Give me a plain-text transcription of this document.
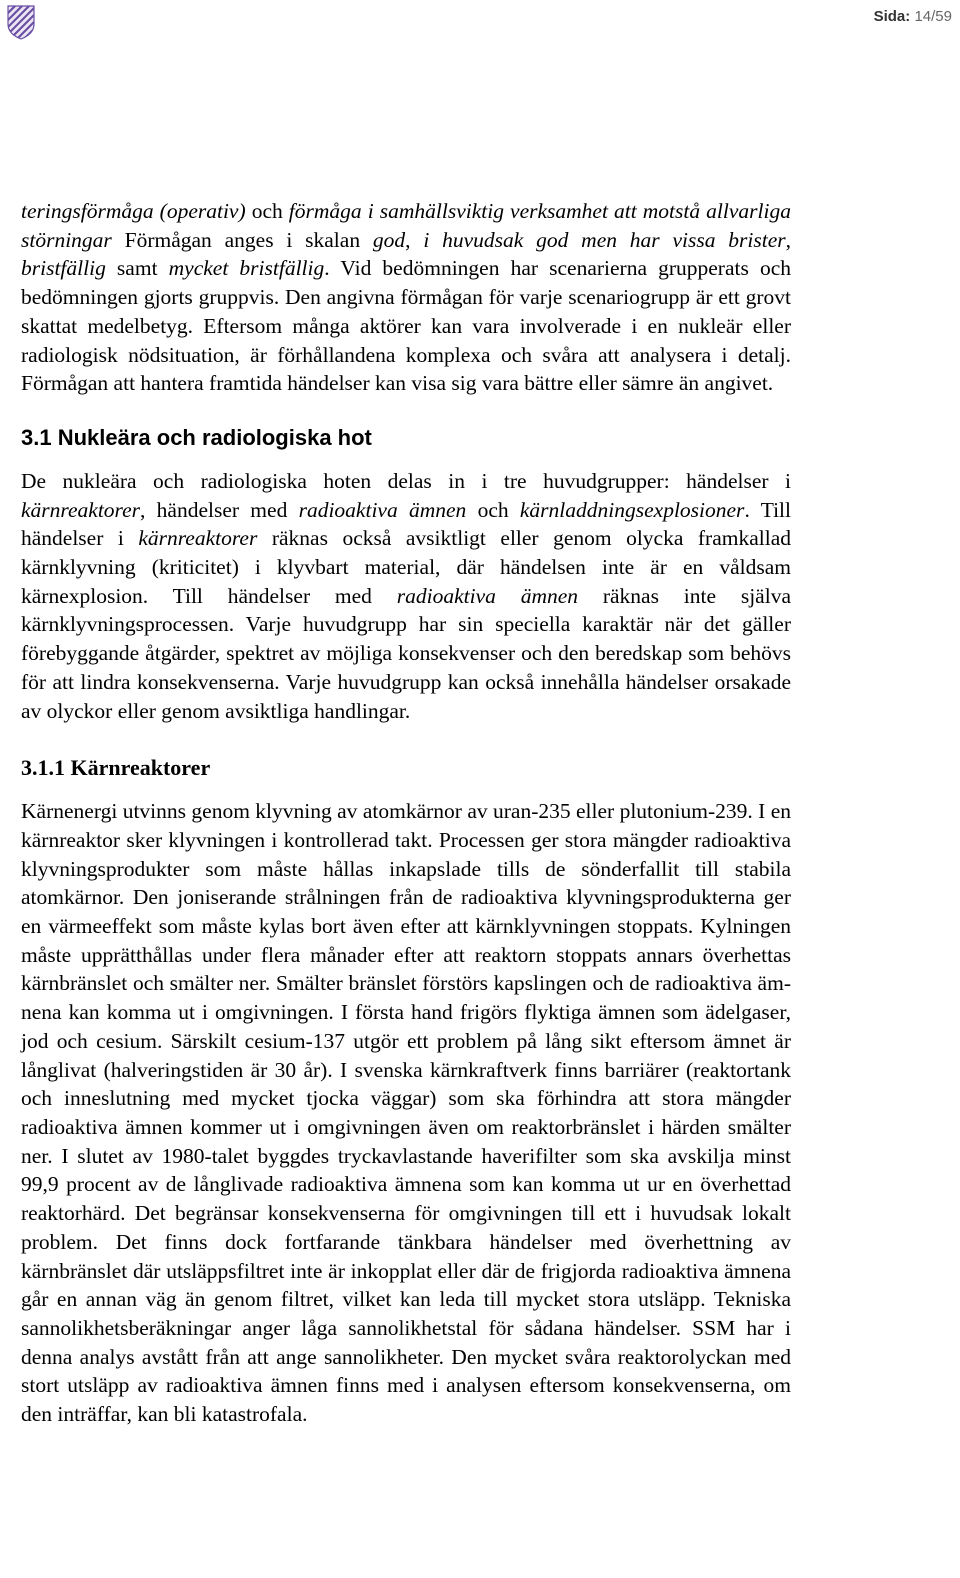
Sida: 14/59

teringsförmåga (operativ) och förmåga i samhällsviktig verksamhet att motstå allvarliga störningar Förmågan anges i skalan god, i huvudsak god men har vissa brister, bristfällig samt mycket bristfällig. Vid bedömningen har scenarierna grupperats och bedömningen gjorts gruppvis. Den angivna förmågan för varje scenariogrupp är ett grovt skattat medelbetyg. Eftersom många aktörer kan vara involverade i en nukleär eller radiologisk nödsituation, är förhållandena komplexa och svåra att analysera i detalj. Förmågan att hantera framtida händelser kan visa sig vara bättre eller sämre än angivet.

3.1 Nukleära och radiologiska hot

De nukleära och radiologiska hoten delas in i tre huvudgrupper: händelser i kärnreaktorer, händelser med radioaktiva ämnen och kärnladdningsexplosioner. Till händelser i kärnreaktorer räknas också avsiktligt eller genom olycka framkallad kärnklyvning (kriticitet) i klyvbart material, där händelsen inte är en våldsam kärnexplosion. Till händelser med radioaktiva ämnen räknas inte själva kärnklyvningsprocessen. Varje huvudgrupp har sin speciella karaktär när det gäller förebyggande åtgärder, spektret av möjliga konsekvenser och den beredskap som behövs för att lindra konsekvenserna. Varje huvudgrupp kan också innehålla händelser orsakade av olyckor eller genom avsiktliga handlingar.

3.1.1 Kärnreaktorer

Kärnenergi utvinns genom klyvning av atomkärnor av uran-235 eller plutonium-239. I en kärnreaktor sker klyvningen i kontrollerad takt. Processen ger stora mängder radioaktiva klyvningsprodukter som måste hållas inkapslade tills de sönderfallit till stabila atomkärnor. Den joniserande strålningen från de radioaktiva klyvningsprodukterna ger en värmeeffekt som måste kylas bort även efter att kärnklyvningen stoppats. Kylningen måste upprätthållas under flera månader efter att reaktorn stoppats annars överhettas kärnbränslet och smälter ner. Smälter bränslet förstörs kapslingen och de radioaktiva ämnena kan komma ut i omgivningen. I första hand frigörs flyktiga ämnen som ädelgaser, jod och cesium. Särskilt cesium-137 utgör ett problem på lång sikt eftersom ämnet är långlivat (halveringstiden är 30 år). I svenska kärnkraftverk finns barriärer (reaktortank och inneslutning med mycket tjocka väggar) som ska förhindra att stora mängder radioaktiva ämnen kommer ut i omgivningen även om reaktorbränslet i härden smälter ner. I slutet av 1980-talet byggdes tryckavlastande haverifilter som ska avskilja minst 99,9 procent av de långlivade radioaktiva ämnena som kan komma ut ur en överhettad reaktorhärd. Det begränsar konsekvenserna för omgivningen till ett i huvudsak lokalt problem. Det finns dock fortfarande tänkbara händelser med överhettning av kärnbränslet där utsläppsfiltret inte är inkopplat eller där de frigjorda radioaktiva ämnena går en annan väg än genom filtret, vilket kan leda till mycket stora utsläpp. Tekniska sannolikhetsberäkningar anger låga sannolikhetstal för sådana händelser. SSM har i denna analys avstått från att ange sannolikheter. Den mycket svåra reaktorolyckan med stort utsläpp av radioaktiva ämnen finns med i analysen eftersom konsekvenserna, om den inträffar, kan bli katastrofala.
